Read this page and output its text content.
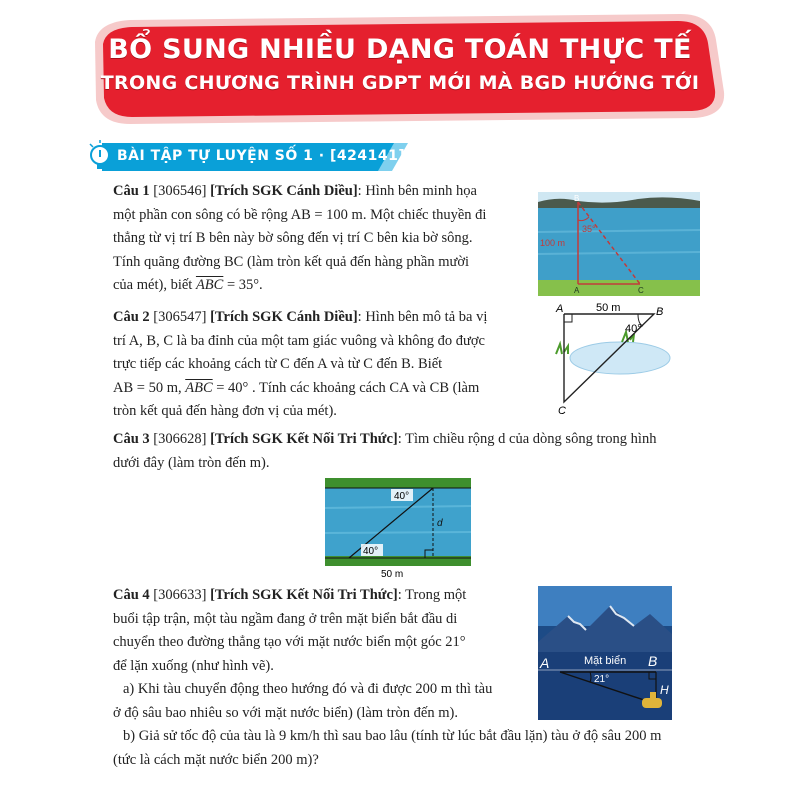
BỔ SUNG NHIỀU DẠNG TOÁN THỰC TẾ
TRONG CHƯƠNG TRÌNH GDPT MỚI MÀ BGD HƯỚNG TỚI
BÀI TẬP TỰ LUYỆN SỐ 1 · [424141]
Câu 1 [306546] [Trích SGK Cánh Diều]: Hình bên minh họa
một phần con sông có bề rộng AB = 100 m. Một chiếc thuyền đi
thẳng từ vị trí B bên này bờ sông đến vị trí C bên kia bờ sông.
Tính quãng đường BC (làm tròn kết quả đến hàng phần mười
của mét), biết $\overline{ABC} = 35^\circ$.
35°
100 m
B
A	C
Câu 2 [306547] [Trích SGK Cánh Diều]: Hình bên mô tả ba vị
trí A, B, C là ba đỉnh của một tam giác vuông và không đo được
trực tiếp các khoảng cách từ C đến A và từ C đến B. Biết
AB = 50 m, $\overline{ABC} = 40^\circ$ . Tính các khoảng cách CA và CB (làm
tròn kết quả đến hàng đơn vị của mét).
A	B
C
50 m
40°
Câu 3 [306628] [Trích SGK Kết Nối Tri Thức]: Tìm chiều rộng d của dòng sông trong hình
dưới đây (làm tròn đến m).
40°
40°
d
50 m
Câu 4 [306633] [Trích SGK Kết Nối Tri Thức]: Trong một
buổi tập trận, một tàu ngầm đang ở trên mặt biển bắt đầu di
chuyển theo đường thẳng tạo với mặt nước biển một góc 21°
để lặn xuống (như hình vẽ).
a) Khi tàu chuyển động theo hướng đó và đi được 200 m thì tàu
ở độ sâu bao nhiêu so với mặt nước biển) (làm tròn đến m).
b) Giả sử tốc độ của tàu là 9 km/h thì sau bao lâu (tính từ lúc bắt đầu lặn) tàu ở độ sâu 200 m
(tức là cách mặt nước biển 200 m)?
A	B
H
Mặt biển
21°
